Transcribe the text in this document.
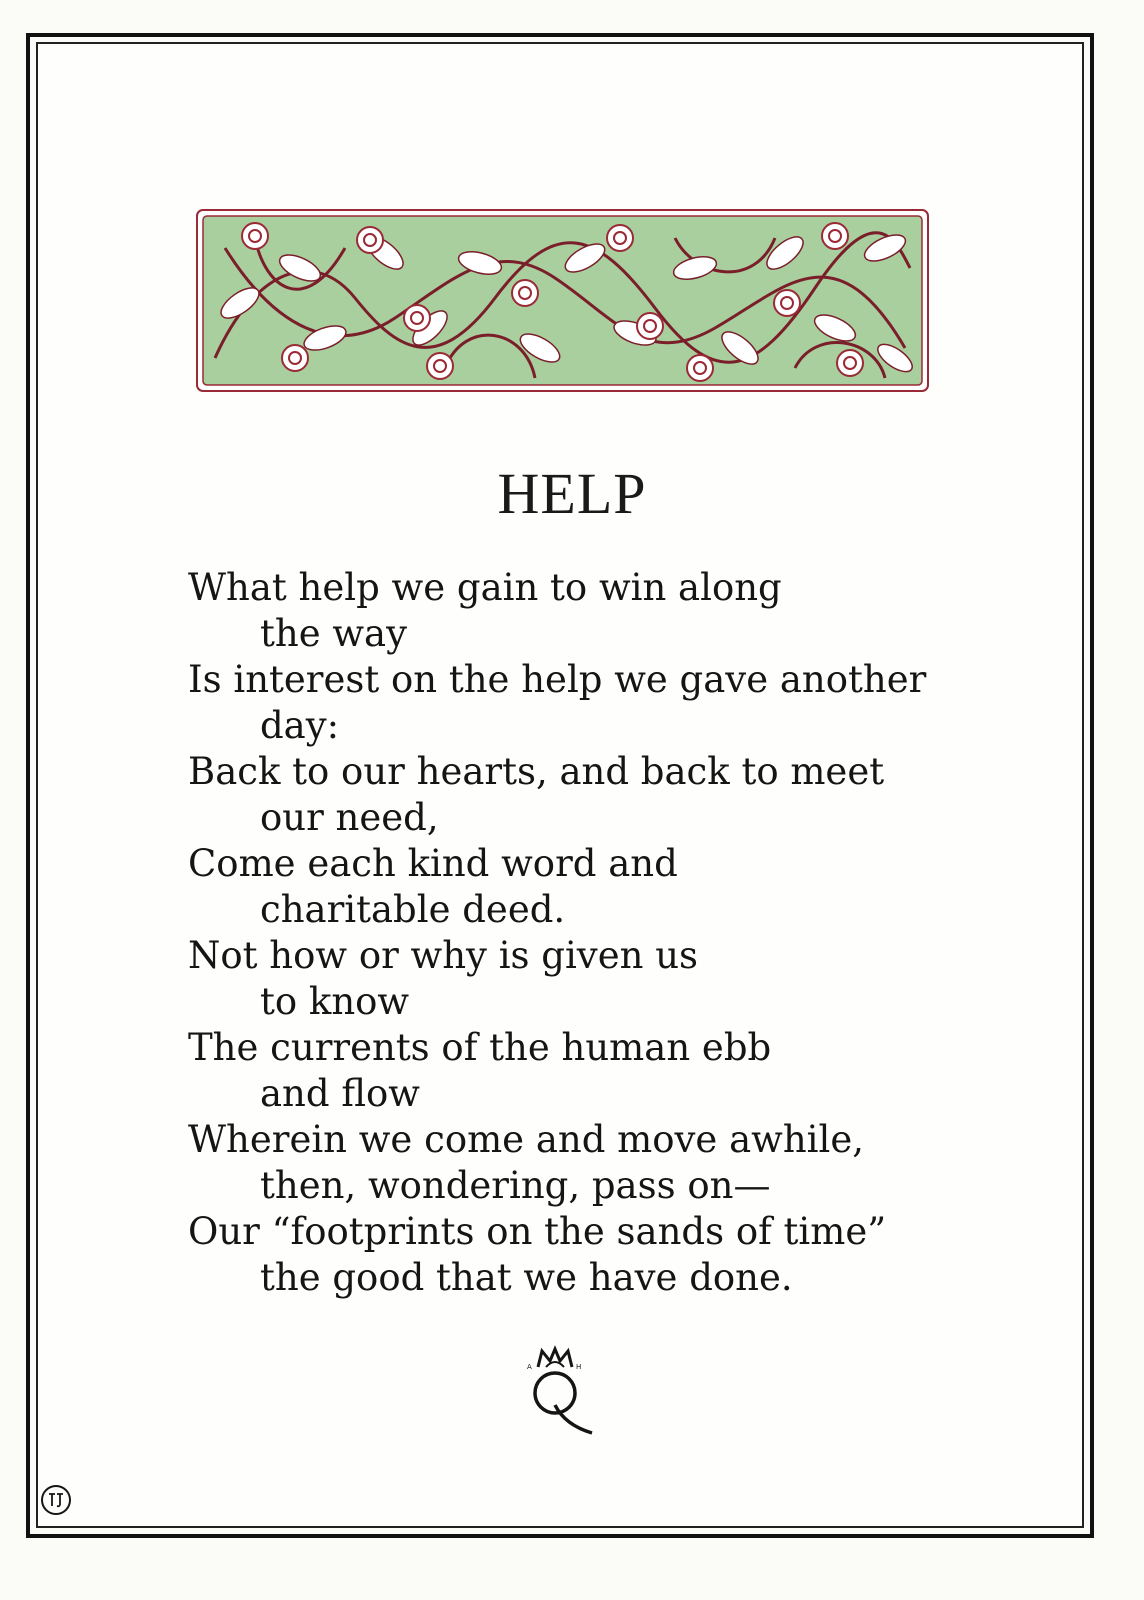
HELP
What help we gain to win along
the way
Is interest on the help we gave another
day:
Back to our hearts, and back to meet
our need,
Come each kind word and
charitable deed.
Not how or why is given us
to know
The currents of the human ebb
and flow
Wherein we come and move awhile,
then, wondering, pass on—
Our “footprints on the sands of time”
the good that we have done.
A	H
